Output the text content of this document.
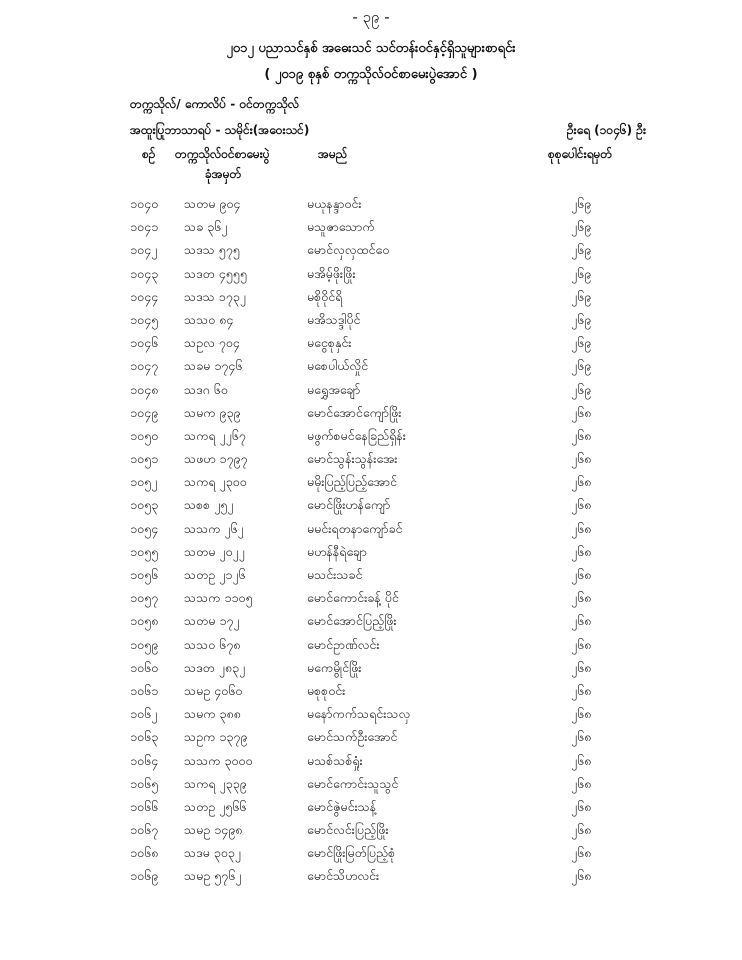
- ၃၉ -
၂၀၁၂ ပညာသင်နှစ် အဓေးသင် သင်တန်းဝင်နှင့်ရှိသူများစာရင်း
( ၂၀၁၉ စုနှစ် တက္ကသိုလ်ဝင်စာမေးပွဲအောင် )
တက္ကသိုလ်/ ကောလိပ် - ဝင်တက္ကသိုလ်
အထူးပြုဘာသာရပ် - သမိုင်း(အဝေးသင်)	ဦးရေ (၁၀၄၆) ဦး
စဉ် တက္ကသိုလ်ဝင်စာမေးပွဲ
ခုံအမှတ်
အမည်	စုစုပေါင်းရမှတ်
၁၀၄၀ သတမ ၉၀၄	မယုနန္ဒာဝင်း	၂၆၉
၁၀၄၁ သခ ၃၆၂	မသူဇာသောက်	၂၆၉
၁၀၄၂ သဒသ ၅၇၅	မောင်လှလှထင်ဝေ	၂၆၉
၁၀၄၃ သဒတ ၄၅၅၅	မအိမ့်ဖိုးဖြိုး	၂၆၉
၁၀၄၄ သဒသ ၁၇၃၂	မစိုဝိုင်ရိ	၂၆၉
၁၀၄၅ သသဝ ၈၄	မအိသဒ္ဒါပိုင်	၂၆၉
၁၀၄၆ သဥလ ၇၀၄	မငွေစုနှင်း	၂၆၉
၁၀၄၇ သခမ ၁၇၄၆	မစေပါယ်လှိုင်	၂၆၉
၁၀၄၈ သဒဂ ၆ဝ	မရွှေအချော်	၂၆၉
၁၀၄၉ သမက ၉၃၉	မောင်အောင်ကျော်ဖြိုး	၂၆၈
၁၀၅၀ သကရ ၂၂၆၇	မဖွက်စမင်နေခြည်ရှိန်း	၂၆၈
၁၀၅၁ သဖဟ ၁၇၉၇	မောင်သွန်းသွန်းအေး	၂၆၈
၁၀၅၂ သကရ ၂၃၀၀	မမိုးပြည့်ပြည့်အောင်	၂၆၈
၁၀၅၃ သစစ ၂၅၂	မောင်ဖြိုးဟန်ကျော်	၂၆၈
၁၀၅၄ သသက ၂၆၂	မမင်းရတနာကျော်ခင်	၂၆၈
၁၀၅၅ သတမ ၂၀၂၂	မဟန်နီရဲချော	၂၆၈
၁၀၅၆ သတဥ ၂၁၂၆	မသင်းသခင်	၂၆၈
၁၀၅၇ သသက ၁၁၀၅	မောင်ကောင်းခန့် ပိုင်	၂၆၈
၁၀၅၈ သတမ ၁၇၂	မောင်အောင်ပြည့်ဖြိုး	၂၆၈
၁၀၅၉ သသဝ ၆၇၈	မောင်ဥာဏ်လင်း	၂၆၈
၁၀၆၀ သဒတ ၂၈၃၂	မကေမွိုင်ဖြိုး	၂၆၈
၁၀၆၁ သမဥ ၄၀၆၀	မစုစုဝင်း	၂၆၈
၁၀၆၂ သမက ၃၈၈	မနော်ကက်သရင်းသလှ	၂၆၈
၁၀၆၃ သဥက ၁၃၇၉	မောင်သက်ဦးအောင်	၂၆၈
၁၀၆၄ သသက ၃၀၀၀	မသစ်သစ်ရှုံး	၂၆၈
၁၀၆၅ သကရ ၂၃၃၉	မောင်ကောင်းသူသွင်	၂၆၈
၁၀၆၆ သတဥ ၂၅၆၆	မောင်ဇွဲမင်းသန့်	၂၆၈
၁၀၆၇ သမဥ ၁၄၉၈	မောင်လင်းပြည့်ဖြိုး	၂၆၈
၁၀၆၈ သဒမ ၃၀၃၂	မောင်ဖြိုးမြတ်ပြည့်စုံ	၂၆၈
၁၀၆၉ သမဥ ၅၇၆၂	မောင်သိဟလင်း	၂၆၈
